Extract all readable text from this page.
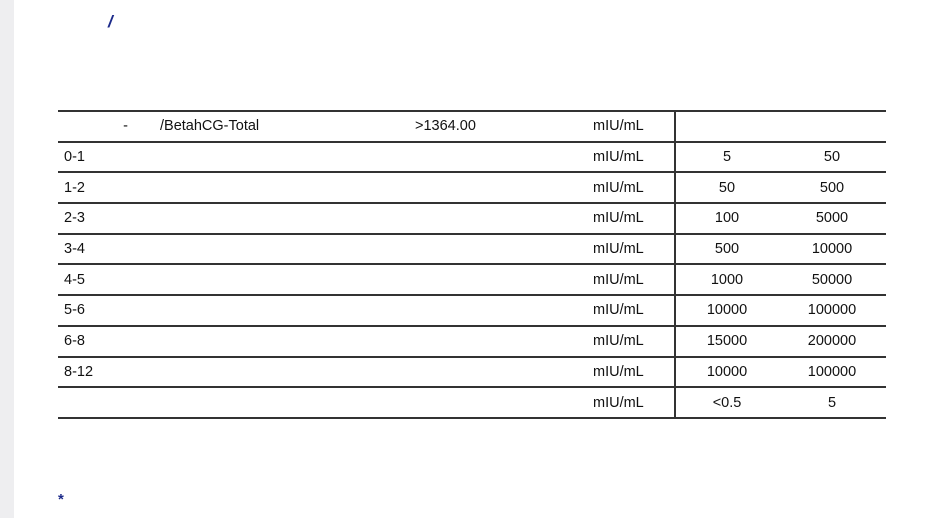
/
- /BetahCG-Total	>1364.00	mIU/mL		
0-1		mIU/mL	5	50
1-2		mIU/mL	50	500
2-3		mIU/mL	100	5000
3-4		mIU/mL	500	10000
4-5		mIU/mL	1000	50000
5-6		mIU/mL	10000	100000
6-8		mIU/mL	15000	200000
8-12		mIU/mL	10000	100000
		mIU/mL	<0.5	5
*
